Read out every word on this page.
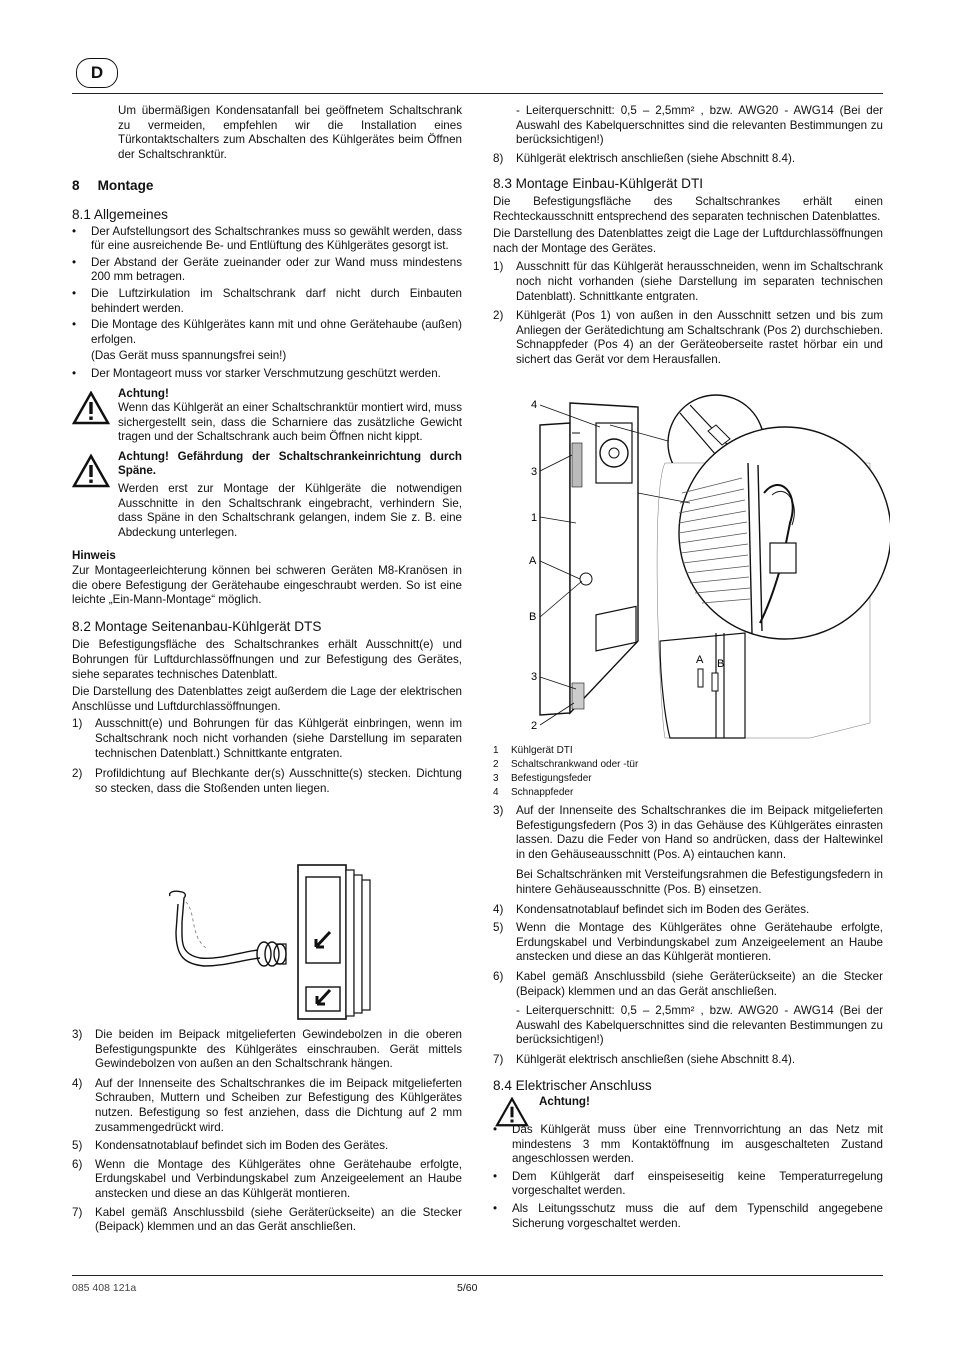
D

Um übermäßigen Kondensatanfall bei geöffnetem Schaltschrank zu vermeiden, empfehlen wir die Installation eines Türkontaktschalters zum Abschalten des Kühlgerätes beim Öffnen der Schaltschranktür.

8 Montage
8.1 Allgemeines
• Der Aufstellungsort des Schaltschrankes muss so gewählt werden, dass für eine ausreichende Be- und Entlüftung des Kühlgerätes gesorgt ist.
• Der Abstand der Geräte zueinander oder zur Wand muss mindestens 200 mm betragen.
• Die Luftzirkulation im Schaltschrank darf nicht durch Einbauten behindert werden.
• Die Montage des Kühlgerätes kann mit und ohne Gerätehaube (außen) erfolgen.
(Das Gerät muss spannungsfrei sein!)
• Der Montageort muss vor starker Verschmutzung geschützt werden.
Achtung!
Wenn das Kühlgerät an einer Schaltschranktür montiert wird, muss sichergestellt sein, dass die Scharniere das zusätzliche Gewicht tragen und der Schaltschrank auch beim Öffnen nicht kippt.
Achtung! Gefährdung der Schaltschrankeinrichtung durch Späne.
Werden erst zur Montage der Kühlgeräte die notwendigen Ausschnitte in den Schaltschrank eingebracht, verhindern Sie, dass Späne in den Schaltschrank gelangen, indem Sie z. B. eine Abdeckung unterlegen.
Hinweis

Zur Montageerleichterung können bei schweren Geräten M8-Kranösen in die obere Befestigung der Gerätehaube eingeschraubt werden. So ist eine leichte „Ein-Mann-Montage“ möglich.

8.2 Montage Seitenanbau-Kühlgerät DTS

Die Befestigungsfläche des Schaltschrankes erhält Ausschnitt(e) und Bohrungen für Luftdurchlassöffnungen und zur Befestigung des Gerätes, siehe separates technisches Datenblatt.

Die Darstellung des Datenblattes zeigt außerdem die Lage der elektrischen Anschlüsse und Luftdurchlassöffnungen.

1) Ausschnitt(e) und Bohrungen für das Kühlgerät einbringen, wenn im Schaltschrank noch nicht vorhanden (siehe Darstellung im separaten technischen Datenblatt.) Schnittkante entgraten.
2) Profildichtung auf Blechkante der(s) Ausschnitte(s) stecken. Dichtung so stecken, dass die Stoßenden unten liegen.
3) Die beiden im Beipack mitgelieferten Gewindebolzen in die oberen Befestigungspunkte des Kühlgerätes einschrauben. Gerät mittels Gewindebolzen von außen an den Schaltschrank hängen.
4) Auf der Innenseite des Schaltschrankes die im Beipack mitgelieferten Schrauben, Muttern und Scheiben zur Befestigung des Kühlgerätes nutzen. Befestigung so fest anziehen, dass die Dichtung auf 2 mm zusammengedrückt wird.
5) Kondensatnotablauf befindet sich im Boden des Gerätes.
6) Wenn die Montage des Kühlgerätes ohne Gerätehaube erfolgte, Erdungskabel und Verbindungskabel zum Anzeigeelement an Haube anstecken und diese an das Kühlgerät montieren.
7) Kabel gemäß Anschlussbild (siehe Geräterückseite) an die Stecker (Beipack) klemmen und an das Gerät anschließen.

- Leiterquerschnitt: 0,5 – 2,5mm² , bzw. AWG20 - AWG14 (Bei der Auswahl des Kabelquerschnittes sind die relevanten Bestimmungen zu berücksichtigen!)

8) Kühlgerät elektrisch anschließen (siehe Abschnitt 8.4).
8.3 Montage Einbau-Kühlgerät DTI

Die Befestigungsfläche des Schaltschrankes erhält einen Rechteckausschnitt entsprechend des separaten technischen Datenblattes.

Die Darstellung des Datenblattes zeigt die Lage der Luftdurchlassöffnungen nach der Montage des Gerätes.

1) Ausschnitt für das Kühlgerät herausschneiden, wenn im Schaltschrank noch nicht vorhanden (siehe Darstellung im separaten technischen Datenblatt). Schnittkante entgraten.
2) Kühlgerät (Pos 1) von außen in den Ausschnitt setzen und bis zum Anliegen der Gerätedichtung am Schaltschrank (Pos 2) durchschieben. Schnappfeder (Pos 4) an der Geräteoberseite rastet hörbar ein und sichert das Gerät vor dem Herausfallen.
4
3
1
A
B
3
2
A B
1 Kühlgerät DTI
2 Schaltschrankwand oder -tür
3 Befestigungsfeder
4 Schnappfeder
3) Auf der Innenseite des Schaltschrankes die im Beipack mitgelieferten Befestigungsfedern (Pos 3) in das Gehäuse des Kühlgerätes einrasten lassen. Dazu die Feder von Hand so andrücken, dass der Haltewinkel in den Gehäuseausschnitt (Pos. A) eintauchen kann.

Bei Schaltschränken mit Versteifungsrahmen die Befestigungsfedern in hintere Gehäuseausschnitte (Pos. B) einsetzen.

4) Kondensatnotablauf befindet sich im Boden des Gerätes.
5) Wenn die Montage des Kühlgerätes ohne Gerätehaube erfolgte, Erdungskabel und Verbindungskabel zum Anzeigeelement an Haube anstecken und diese an das Kühlgerät montieren.
6) Kabel gemäß Anschlussbild (siehe Geräterückseite) an die Stecker (Beipack) klemmen und an das Gerät anschließen.

- Leiterquerschnitt: 0,5 – 2,5mm² , bzw. AWG20 - AWG14 (Bei der Auswahl des Kabelquerschnittes sind die relevanten Bestimmungen zu berücksichtigen!)

7) Kühlgerät elektrisch anschließen (siehe Abschnitt 8.4).
8.4 Elektrischer Anschluss
Achtung!
• Das Kühlgerät muss über eine Trennvorrichtung an das Netz mit mindestens 3 mm Kontaktöffnung im ausgeschalteten Zustand angeschlossen werden.
• Dem Kühlgerät darf einspeiseseitig keine Temperaturregelung vorgeschaltet werden.
• Als Leitungsschutz muss die auf dem Typenschild angegebene Sicherung vorgeschaltet werden.
085 408 121a	5/60
